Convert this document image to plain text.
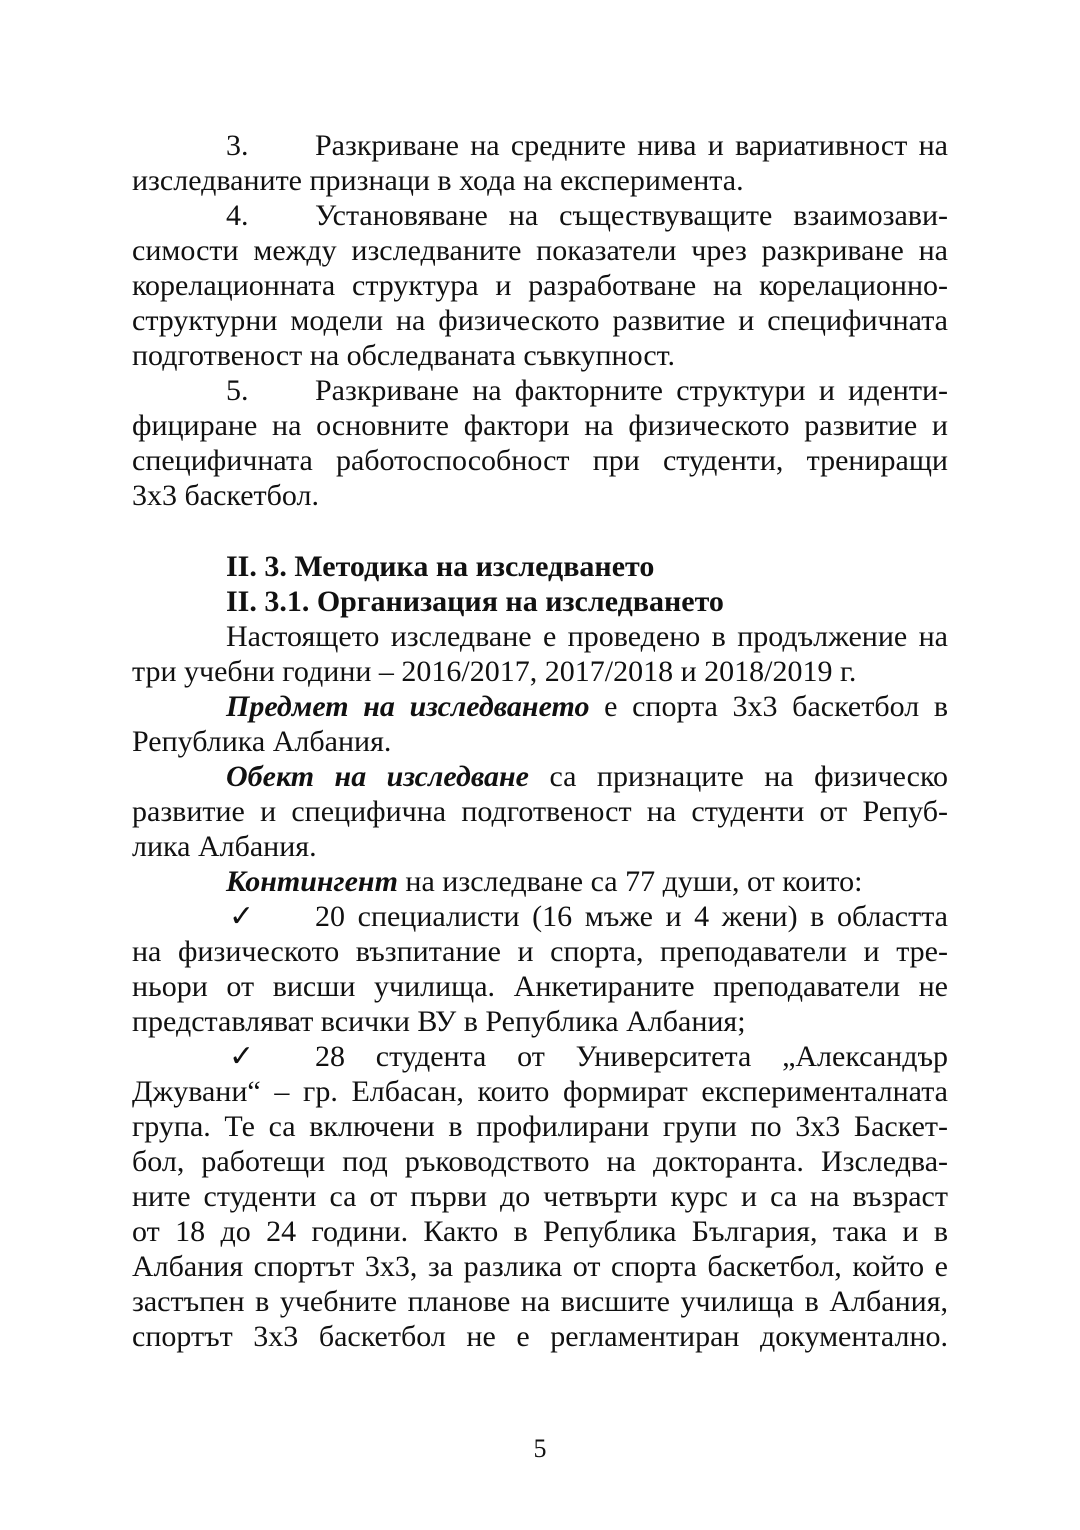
3. Разкриване на средните нива и вариативност на
изследваните признаци в хода на експеримента.
4. Установяване на съществуващите взаимозави-
симости между изследваните показатели чрез разкриване на
корелационната структура и разработване на корелационно-
структурни модели на физическото развитие и специфичната
подготвеност на обследваната съвкупност.
5. Разкриване на факторните структури и иденти-
фициране на основните фактори на физическото развитие и
специфичната работоспособност при студенти, трениращи
3х3 баскетбол.
II. 3. Методика на изследването
II. 3.1. Организация на изследването
Настоящето изследване е проведено в продължение на
три учебни години – 2016/2017, 2017/2018 и 2018/2019 г.
Предмет на изследването е спорта 3х3 баскетбол в
Република Албания.
Обект на изследване са признаците на физическо
развитие и специфична подготвеност на студенти от Репуб-
лика Албания.
Контингент на изследване са 77 души, от които:
✓ 20 специалисти (16 мъже и 4 жени) в областта
на физическото възпитание и спорта, преподаватели и тре-
ньори от висши училища. Анкетираните преподаватели не
представляват всички ВУ в Република Албания;
✓ 28 студента от Университета „Александър
Джувани“ – гр. Елбасан, които формират експерименталната
група. Те са включени в профилирани групи по 3х3 Баскет-
бол, работещи под ръководството на докторанта. Изследва-
ните студенти са от първи до четвърти курс и са на възраст
от 18 до 24 години. Както в Република България, така и в
Албания спортът 3х3, за разлика от спорта баскетбол, който е
застъпен в учебните планове на висшите училища в Албания,
спортът 3х3 баскетбол не е регламентиран документално.
5
